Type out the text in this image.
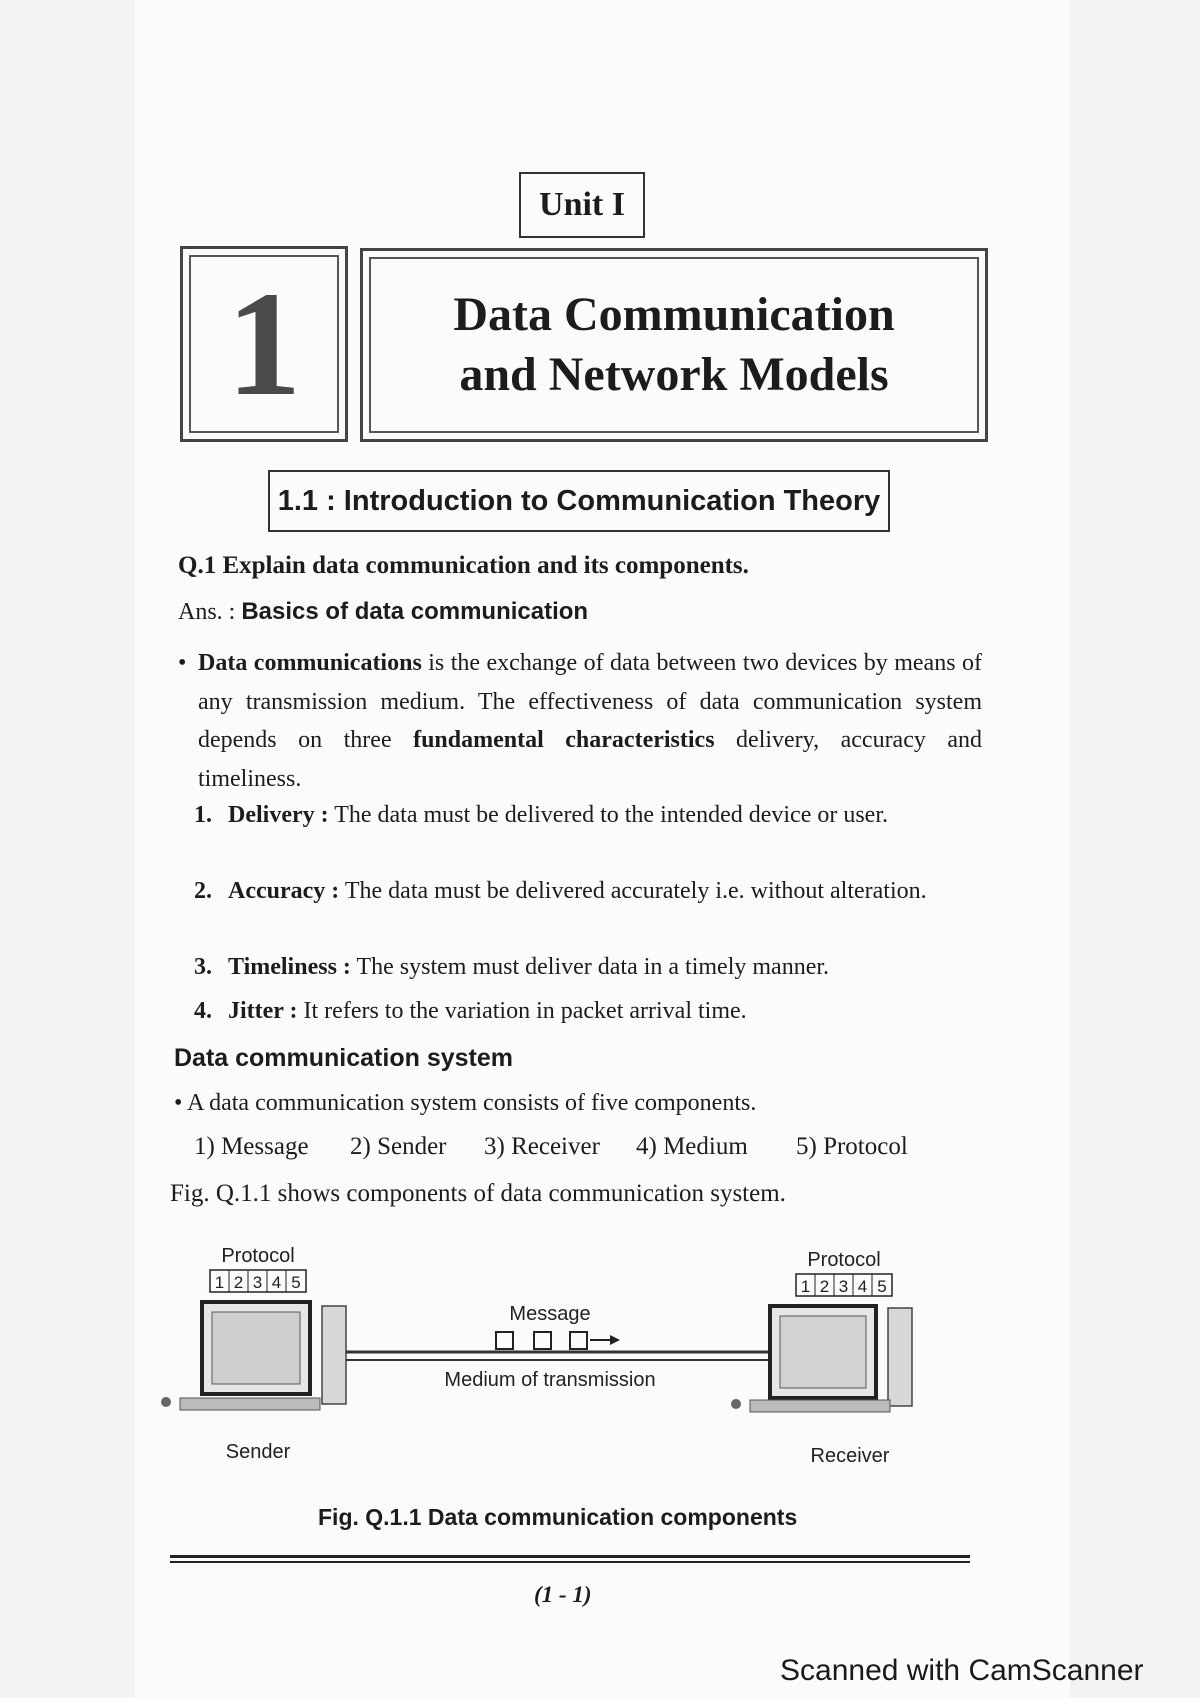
Unit I
1	Data Communication
and Network Models
1.1 : Introduction to Communication Theory
Q.1 Explain data communication and its components.
Ans. : Basics of data communication
• Data communications is the exchange of data between two devices by means of any transmission medium. The effectiveness of data communication system depends on three fundamental characteristics delivery, accuracy and timeliness.
1. Delivery : The data must be delivered to the intended device or user.
2. Accuracy : The data must be delivered accurately i.e. without alteration.
3. Timeliness : The system must deliver data in a timely manner.
4. Jitter : It refers to the variation in packet arrival time.
Data communication system
• A data communication system consists of five components.
1) Message 2) Sender 3) Receiver 4) Medium 5) Protocol
Fig. Q.1.1 shows components of data communication system.
Protocol
1 2 3 4 5
Sender
Message
Medium of transmission
Protocol
1 2 3 4 5
Receiver
Fig. Q.1.1 Data communication components
(1 - 1)
Scanned with CamScanner
